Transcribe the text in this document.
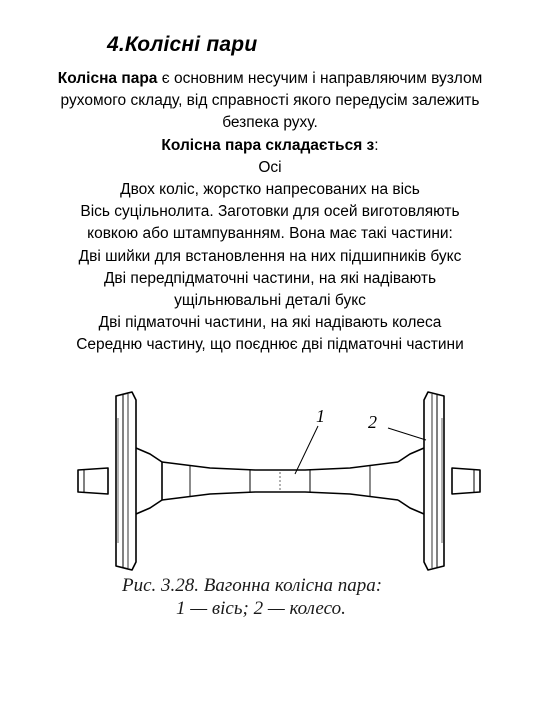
4.Колісні пари
Колісна пара є основним несучим і направляючим вузлом
рухомого складу, від справності якого передусім залежить
безпека руху.
Колісна пара складається з:
Осі
Двох коліс, жорстко напресованих на вісь
Вісь суцільнолита. Заготовки для осей виготовляють
ковкою або штампуванням. Вона має такі частини:
Дві шийки для встановлення на них підшипників букс
Дві передпідматочні частини, на які надівають
ущільнювальні деталі букс
Дві підматочні частини, на які надівають колеса
Середню частину, що поєднює дві підматочні частини
1 2
Рис. 3.28. Вагонна колісна пара:
1 — вісь; 2 — колесо.
